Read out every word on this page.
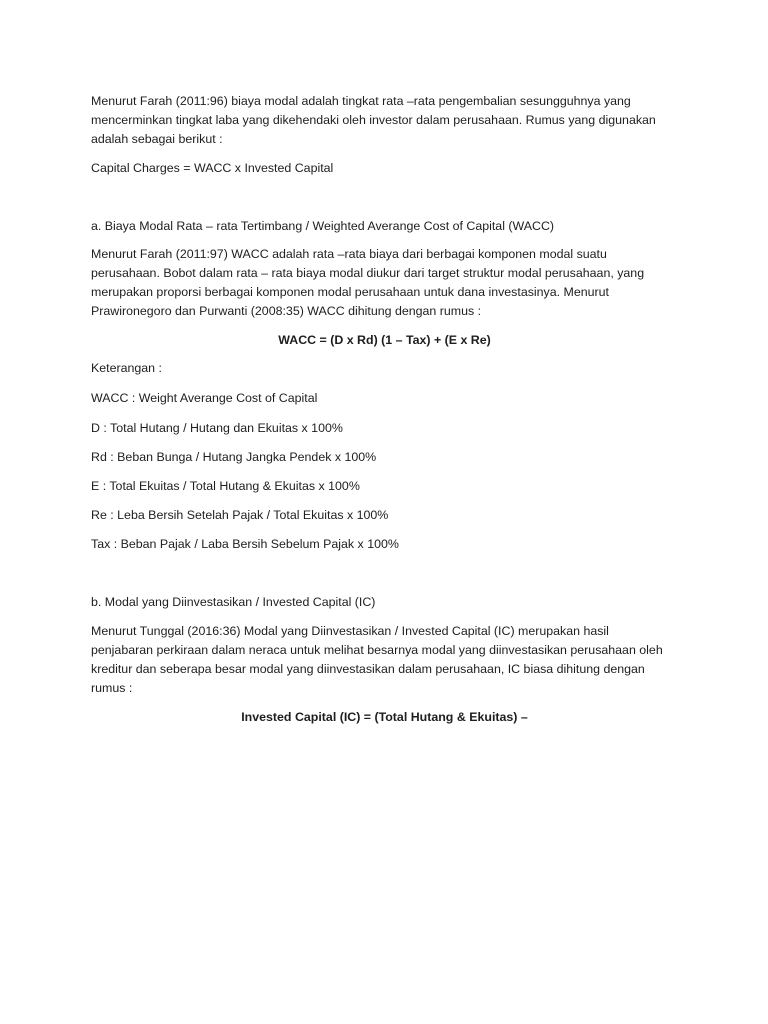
Menurut Farah (2011:96) biaya modal adalah tingkat rata –rata pengembalian sesungguhnya yang
mencerminkan tingkat laba yang dikehendaki oleh investor dalam perusahaan. Rumus yang digunakan
adalah sebagai berikut :

Capital Charges = WACC x Invested Capital

a. Biaya Modal Rata – rata Tertimbang / Weighted Averange Cost of Capital (WACC)

Menurut Farah (2011:97) WACC adalah rata –rata biaya dari berbagai komponen modal suatu
perusahaan. Bobot dalam rata – rata biaya modal diukur dari target struktur modal perusahaan, yang
merupakan proporsi berbagai komponen modal perusahaan untuk dana investasinya. Menurut
Prawironegoro dan Purwanti (2008:35) WACC dihitung dengan rumus :

WACC = (D x Rd) (1 – Tax) + (E x Re)

Keterangan :

WACC : Weight Averange Cost of Capital

D : Total Hutang / Hutang dan Ekuitas x 100%

Rd : Beban Bunga / Hutang Jangka Pendek x 100%

E : Total Ekuitas / Total Hutang & Ekuitas x 100%

Re : Leba Bersih Setelah Pajak / Total Ekuitas x 100%

Tax : Beban Pajak / Laba Bersih Sebelum Pajak x 100%

b. Modal yang Diinvestasikan / Invested Capital (IC)

Menurut Tunggal (2016:36) Modal yang Diinvestasikan / Invested Capital (IC) merupakan hasil
penjabaran perkiraan dalam neraca untuk melihat besarnya modal yang diinvestasikan perusahaan oleh
kreditur dan seberapa besar modal yang diinvestasikan dalam perusahaan, IC biasa dihitung dengan
rumus :

Invested Capital (IC) = (Total Hutang & Ekuitas) –
